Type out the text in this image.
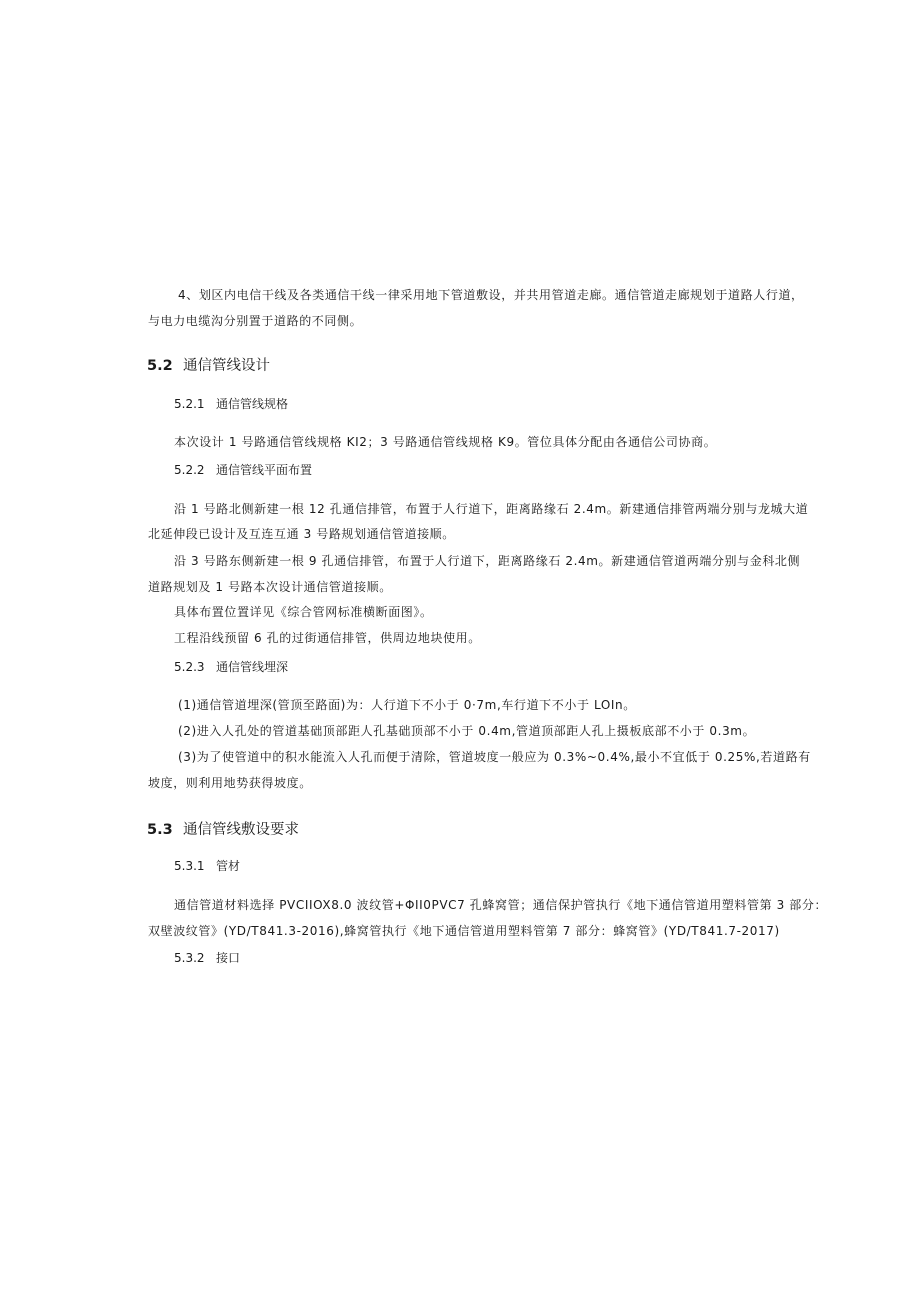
4、划区内电信干线及各类通信干线一律采用地下管道敷设，并共用管道走廊。通信管道走廊规划于道路人行道，
与电力电缆沟分别置于道路的不同侧。
5.2 通信管线设计
5.2.1 通信管线规格
本次设计 1 号路通信管线规格 KI2；3 号路通信管线规格 K9。管位具体分配由各通信公司协商。
5.2.2 通信管线平面布置
沿 1 号路北侧新建一根 12 孔通信排管，布置于人行道下，距离路缘石 2.4m。新建通信排管两端分别与龙城大道
北延伸段已设计及互连互通 3 号路规划通信管道接顺。
沿 3 号路东侧新建一根 9 孔通信排管，布置于人行道下，距离路缘石 2.4m。新建通信管道两端分别与金科北侧
道路规划及 1 号路本次设计通信管道接顺。
具体布置位置详见《综合管网标准横断面图》。
工程沿线预留 6 孔的过街通信排管，供周边地块使用。
5.2.3 通信管线埋深
(1)通信管道埋深(管顶至路面)为：人行道下不小于 0·7m,车行道下不小于 LOIn。
(2)进入人孔处的管道基础顶部距人孔基础顶部不小于 0.4m,管道顶部距人孔上摄板底部不小于 0.3m。
(3)为了使管道中的积水能流入人孔而便于清除，管道坡度一般应为 0.3%~0.4%,最小不宜低于 0.25%,若道路有
坡度，则利用地势获得坡度。
5.3 通信管线敷设要求
5.3.1 管材
通信管道材料选择 PVCIIOX8.0 波纹管+ΦII0PVC7 孔蜂窝管；通信保护管执行《地下通信管道用塑料管第 3 部分：
双壁波纹管》(YD/T841.3-2016),蜂窝管执行《地下通信管道用塑料管第 7 部分：蜂窝管》(YD/T841.7-2017)
5.3.2 接口
